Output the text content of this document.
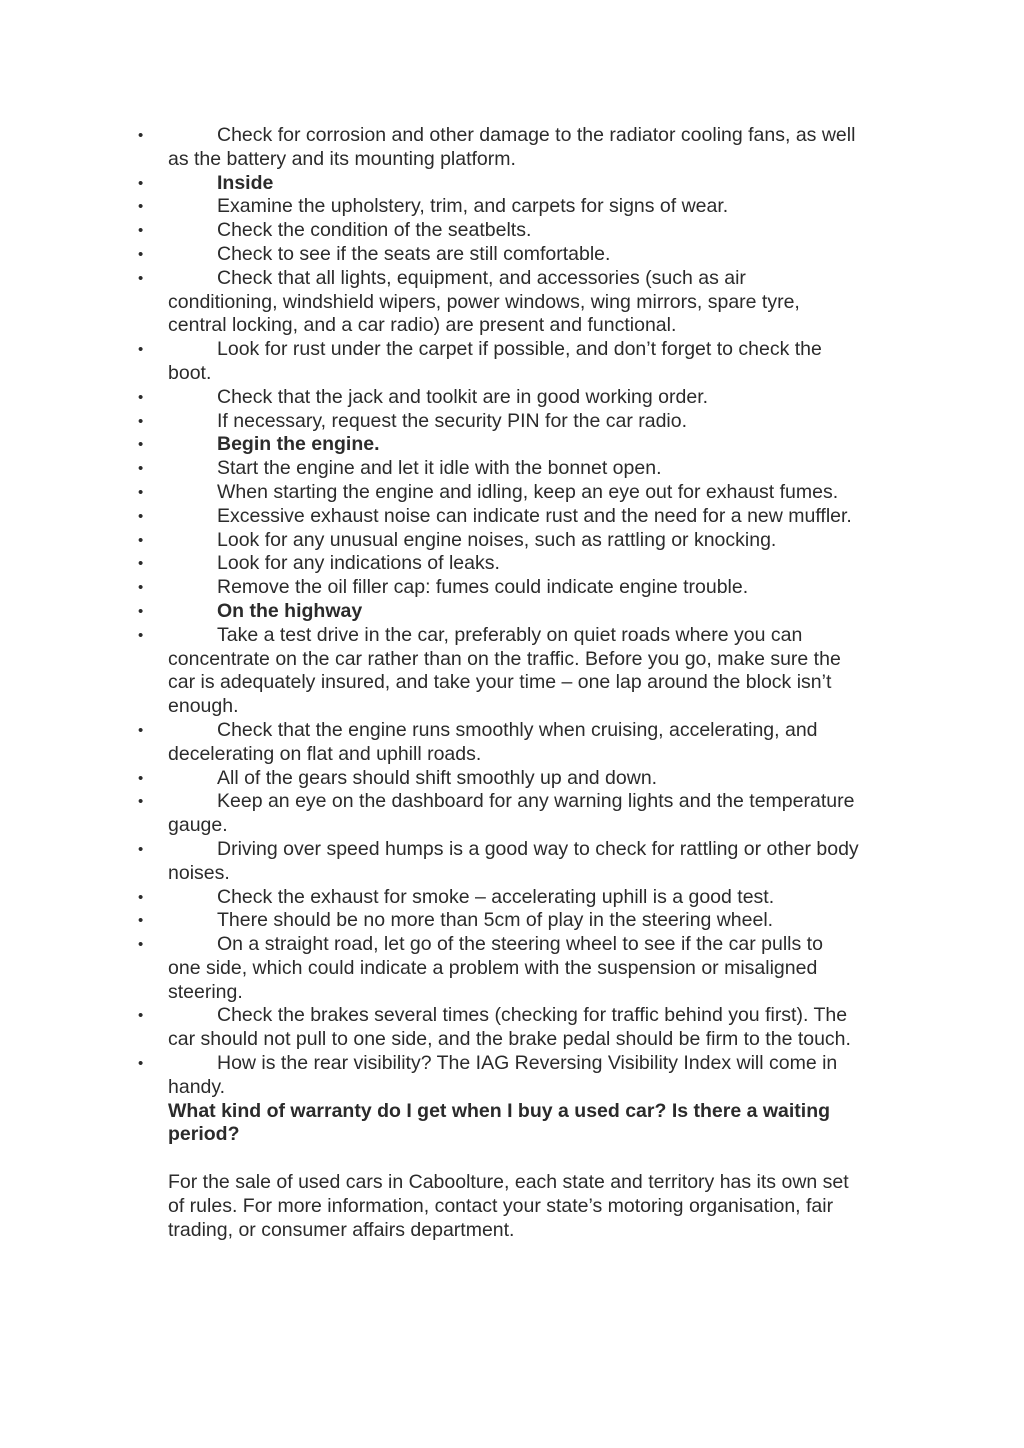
•	Check for corrosion and other damage to the radiator cooling fans, as well as the battery and its mounting platform.
•	Inside
•	Examine the upholstery, trim, and carpets for signs of wear.
•	Check the condition of the seatbelts.
•	Check to see if the seats are still comfortable.
•	Check that all lights, equipment, and accessories (such as air conditioning, windshield wipers, power windows, wing mirrors, spare tyre, central locking, and a car radio) are present and functional.
•	Look for rust under the carpet if possible, and don’t forget to check the boot.
•	Check that the jack and toolkit are in good working order.
•	If necessary, request the security PIN for the car radio.
•	Begin the engine.
•	Start the engine and let it idle with the bonnet open.
•	When starting the engine and idling, keep an eye out for exhaust fumes.
•	Excessive exhaust noise can indicate rust and the need for a new muffler.
•	Look for any unusual engine noises, such as rattling or knocking.
•	Look for any indications of leaks.
•	Remove the oil filler cap: fumes could indicate engine trouble.
•	On the highway
•	Take a test drive in the car, preferably on quiet roads where you can concentrate on the car rather than on the traffic. Before you go, make sure the car is adequately insured, and take your time – one lap around the block isn’t enough.
•	Check that the engine runs smoothly when cruising, accelerating, and decelerating on flat and uphill roads.
•	All of the gears should shift smoothly up and down.
•	Keep an eye on the dashboard for any warning lights and the temperature gauge.
•	Driving over speed humps is a good way to check for rattling or other body noises.
•	Check the exhaust for smoke – accelerating uphill is a good test.
•	There should be no more than 5cm of play in the steering wheel.
•	On a straight road, let go of the steering wheel to see if the car pulls to one side, which could indicate a problem with the suspension or misaligned steering.
•	Check the brakes several times (checking for traffic behind you first). The car should not pull to one side, and the brake pedal should be firm to the touch.
•	How is the rear visibility? The IAG Reversing Visibility Index will come in handy.

What kind of warranty do I get when I buy a used car? Is there a waiting period?

For the sale of used cars in Caboolture, each state and territory has its own set of rules. For more information, contact your state’s motoring organisation, fair trading, or consumer affairs department.
